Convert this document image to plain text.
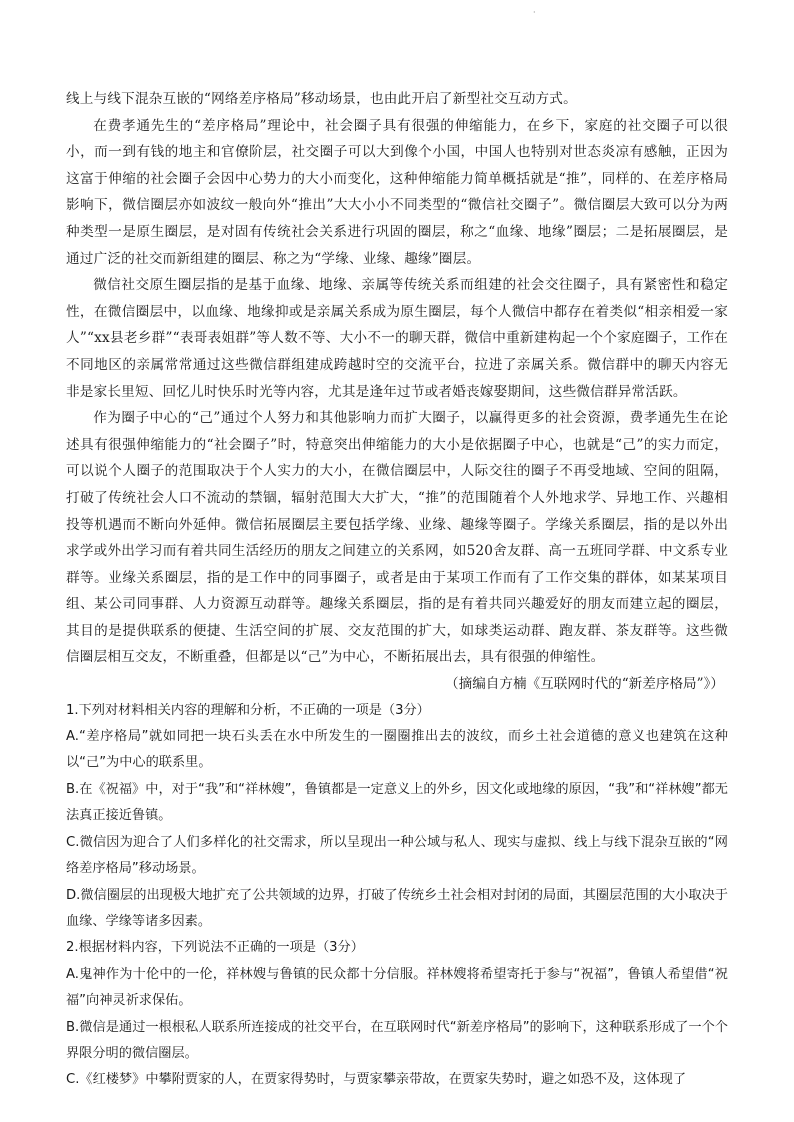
·

线上与线下混杂互嵌的“网络差序格局”移动场景，也由此开启了新型社交互动方式。

在费孝通先生的“差序格局”理论中，社会圈子具有很强的伸缩能力，在乡下，家庭的社交圈子可以很小，而一到有钱的地主和官僚阶层，社交圈子可以大到像个小国，中国人也特别对世态炎凉有感触，正因为这富于伸缩的社会圈子会因中心势力的大小而变化，这种伸缩能力简单概括就是“推”，同样的、在差序格局影响下，微信圈层亦如波纹一般向外“推出”大大小小不同类型的“微信社交圈子”。微信圈层大致可以分为两种类型一是原生圈层，是对固有传统社会关系进行巩固的圈层，称之“血缘、地缘”圈层；二是拓展圈层，是通过广泛的社交而新组建的圈层、称之为“学缘、业缘、趣缘”圈层。

微信社交原生圈层指的是基于血缘、地缘、亲属等传统关系而组建的社会交往圈子，具有紧密性和稳定性，在微信圈层中，以血缘、地缘抑或是亲属关系成为原生圈层，每个人微信中都存在着类似“相亲相爱一家人”“xx县老乡群”“表哥表姐群”等人数不等、大小不一的聊天群，微信中重新建构起一个个家庭圈子，工作在不同地区的亲属常常通过这些微信群组建成跨越时空的交流平台，拉进了亲属关系。微信群中的聊天内容无非是家长里短、回忆儿时快乐时光等内容，尤其是逢年过节或者婚丧嫁娶期间，这些微信群异常活跃。

作为圈子中心的“己”通过个人努力和其他影响力而扩大圈子，以赢得更多的社会资源，费孝通先生在论述具有很强伸缩能力的“社会圈子”时，特意突出伸缩能力的大小是依据圈子中心，也就是“己”的实力而定，可以说个人圈子的范围取决于个人实力的大小，在微信圈层中，人际交往的圈子不再受地域、空间的阻隔，打破了传统社会人口不流动的禁锢，辐射范围大大扩大，“推”的范围随着个人外地求学、异地工作、兴趣相投等机遇而不断向外延伸。微信拓展圈层主要包括学缘、业缘、趣缘等圈子。学缘关系圈层，指的是以外出求学或外出学习而有着共同生活经历的朋友之间建立的关系网，如520舍友群、高一五班同学群、中文系专业群等。业缘关系圈层，指的是工作中的同事圈子，或者是由于某项工作而有了工作交集的群体，如某某项目组、某公司同事群、人力资源互动群等。趣缘关系圈层，指的是有着共同兴趣爱好的朋友而建立起的圈层，其目的是提供联系的便捷、生活空间的扩展、交友范围的扩大，如球类运动群、跑友群、茶友群等。这些微信圈层相互交友，不断重叠，但都是以“己”为中心，不断拓展出去，具有很强的伸缩性。

（摘编自方楠《互联网时代的“新差序格局”》）

1.下列对材料相关内容的理解和分析，不正确的一项是（3分）

A.“差序格局”就如同把一块石头丢在水中所发生的一圈圈推出去的波纹，而乡土社会道德的意义也建筑在这种以“己”为中心的联系里。

B.在《祝福》中，对于“我”和“祥林嫂”，鲁镇都是一定意义上的外乡，因文化或地缘的原因，“我”和“祥林嫂”都无法真正接近鲁镇。

C.微信因为迎合了人们多样化的社交需求，所以呈现出一种公域与私人、现实与虚拟、线上与线下混杂互嵌的“网络差序格局”移动场景。

D.微信圈层的出现极大地扩充了公共领域的边界，打破了传统乡土社会相对封闭的局面，其圈层范围的大小取决于血缘、学缘等诸多因素。

2.根据材料内容，下列说法不正确的一项是（3分）

A.鬼神作为十伦中的一伦，祥林嫂与鲁镇的民众都十分信服。祥林嫂将希望寄托于参与“祝福”，鲁镇人希望借“祝福”向神灵祈求保佑。

B.微信是通过一根根私人联系所连接成的社交平台，在互联网时代“新差序格局”的影响下，这种联系形成了一个个界限分明的微信圈层。

C.《红楼梦》中攀附贾家的人，在贾家得势时，与贾家攀亲带故，在贾家失势时，避之如恐不及，这体现了
